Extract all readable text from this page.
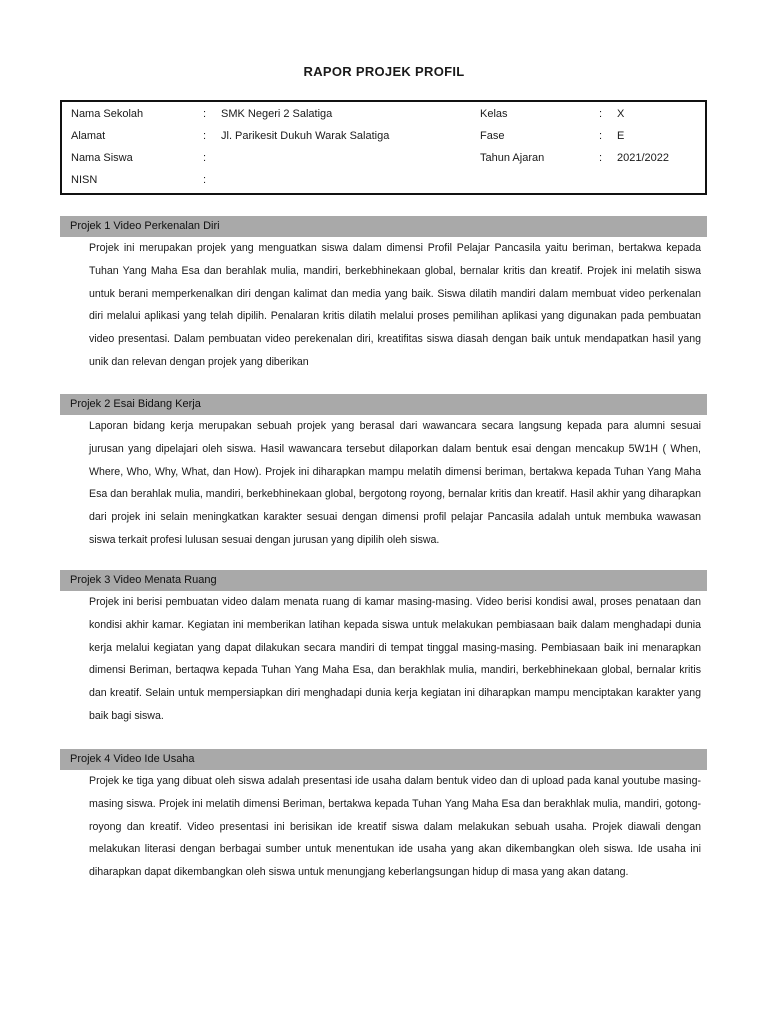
RAPOR PROJEK PROFIL
Nama Sekolah	: SMK Negeri 2 Salatiga	Kelas	: X
Alamat	: Jl. Parikesit Dukuh Warak Salatiga	Fase	: E
Nama Siswa	:	Tahun Ajaran	: 2021/2022
NISN	:
Projek 1 Video Perkenalan Diri

Projek ini merupakan projek yang menguatkan siswa dalam dimensi Profil Pelajar Pancasila yaitu beriman, bertakwa kepada Tuhan Yang Maha Esa dan berahlak mulia, mandiri, berkebhinekaan global, bernalar kritis dan kreatif. Projek ini melatih siswa untuk berani memperkenalkan diri dengan kalimat dan media yang baik. Siswa dilatih mandiri dalam membuat video perkenalan diri melalui aplikasi yang telah dipilih. Penalaran kritis dilatih melalui proses pemilihan aplikasi yang digunakan pada pembuatan video presentasi. Dalam pembuatan video perekenalan diri, kreatifitas siswa diasah dengan baik untuk mendapatkan hasil yang unik dan relevan dengan projek yang diberikan

Projek 2 Esai Bidang Kerja

Laporan bidang kerja merupakan sebuah projek yang berasal dari wawancara secara langsung kepada para alumni sesuai jurusan yang dipelajari oleh siswa. Hasil wawancara tersebut dilaporkan dalam bentuk esai dengan mencakup 5W1H ( When, Where, Who, Why, What, dan How). Projek ini diharapkan mampu melatih dimensi beriman, bertakwa kepada Tuhan Yang Maha Esa dan berahlak mulia, mandiri, berkebhinekaan global, bergotong royong, bernalar kritis dan kreatif. Hasil akhir yang diharapkan dari projek ini selain meningkatkan karakter sesuai dengan dimensi profil pelajar Pancasila adalah untuk membuka wawasan siswa terkait profesi lulusan sesuai dengan jurusan yang dipilih oleh siswa.

Projek 3 Video Menata Ruang

Projek ini berisi pembuatan video dalam menata ruang di kamar masing-masing. Video berisi kondisi awal, proses penataan dan kondisi akhir kamar. Kegiatan ini memberikan latihan kepada siswa untuk melakukan pembiasaan baik dalam menghadapi dunia kerja melalui kegiatan yang dapat dilakukan secara mandiri di tempat tinggal masing-masing. Pembiasaan baik ini menarapkan dimensi Beriman, bertaqwa kepada Tuhan Yang Maha Esa, dan berakhlak mulia, mandiri, berkebhinekaan global, bernalar kritis dan kreatif. Selain untuk mempersiapkan diri menghadapi dunia kerja kegiatan ini diharapkan mampu menciptakan karakter yang baik bagi siswa.

Projek 4 Video Ide Usaha

Projek ke tiga yang dibuat oleh siswa adalah presentasi ide usaha dalam bentuk video dan di upload pada kanal youtube masing-masing siswa. Projek ini melatih dimensi Beriman, bertakwa kepada Tuhan Yang Maha Esa dan berakhlak mulia, mandiri, gotong-royong dan kreatif. Video presentasi ini berisikan ide kreatif siswa dalam melakukan sebuah usaha. Projek diawali dengan melakukan literasi dengan berbagai sumber untuk menentukan ide usaha yang akan dikembangkan oleh siswa. Ide usaha ini diharapkan dapat dikembangkan oleh siswa untuk menungjang keberlangsungan hidup di masa yang akan datang.
